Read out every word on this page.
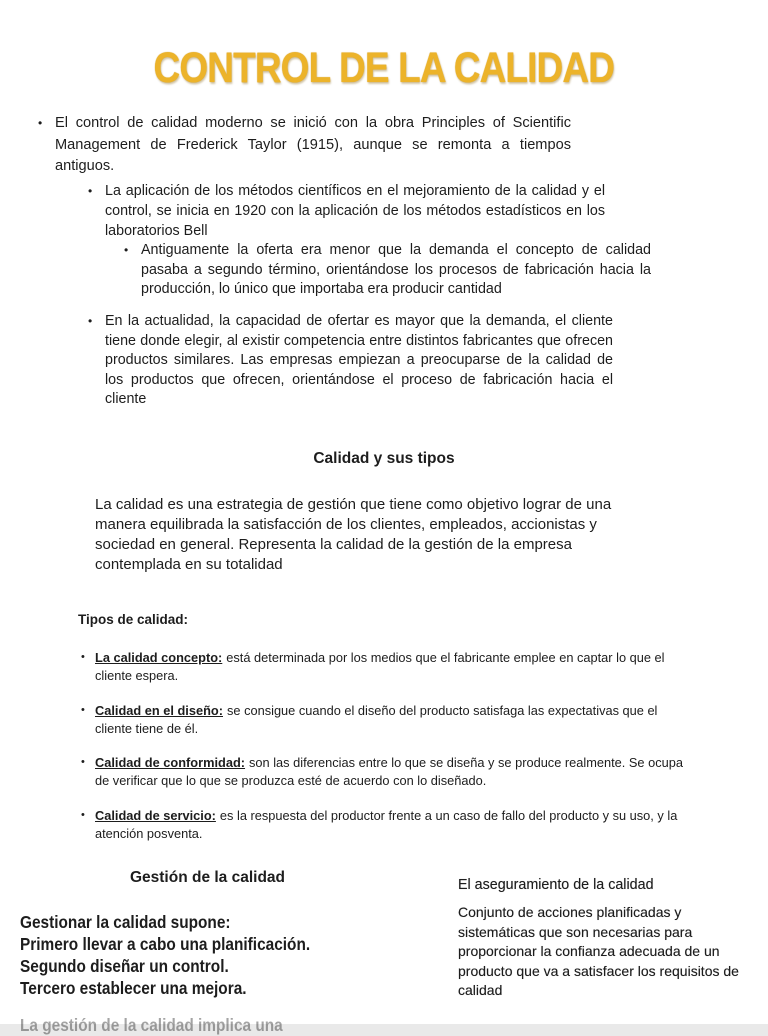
CONTROL DE LA CALIDAD
• El control de calidad moderno se inició con la obra Principles of Scientific Management de Frederick Taylor (1915), aunque se remonta a tiempos antiguos.
• La aplicación de los métodos científicos en el mejoramiento de la calidad y el control, se inicia en 1920 con la aplicación de los métodos estadísticos en los laboratorios Bell
• Antiguamente la oferta era menor que la demanda el concepto de calidad pasaba a segundo término, orientándose los procesos de fabricación hacia la producción, lo único que importaba era producir cantidad
• En la actualidad, la capacidad de ofertar es mayor que la demanda, el cliente tiene donde elegir, al existir competencia entre distintos fabricantes que ofrecen productos similares. Las empresas empiezan a preocuparse de la calidad de los productos que ofrecen, orientándose el proceso de fabricación hacia el cliente
Calidad y sus tipos
La calidad es una estrategia de gestión que tiene como objetivo lograr de una manera equilibrada la satisfacción de los clientes, empleados, accionistas y sociedad en general. Representa la calidad de la gestión de la empresa contemplada en su totalidad
Tipos de calidad:
• La calidad concepto: está determinada por los medios que el fabricante emplee en captar lo que el cliente espera.
• Calidad en el diseño: se consigue cuando el diseño del producto satisfaga las expectativas que el cliente tiene de él.
• Calidad de conformidad: son las diferencias entre lo que se diseña y se produce realmente. Se ocupa de verificar que lo que se produzca esté de acuerdo con lo diseñado.
• Calidad de servicio: es la respuesta del productor frente a un caso de fallo del producto y su uso, y la atención posventa.
Gestión de la calidad
Gestionar la calidad supone:
Primero llevar a cabo una planificación.
Segundo diseñar un control.
Tercero establecer una mejora.
La gestión de la calidad implica una
El aseguramiento de la calidad
Conjunto de acciones planificadas y sistemáticas que son necesarias para proporcionar la confianza adecuada de un producto que va a satisfacer los requisitos de calidad
